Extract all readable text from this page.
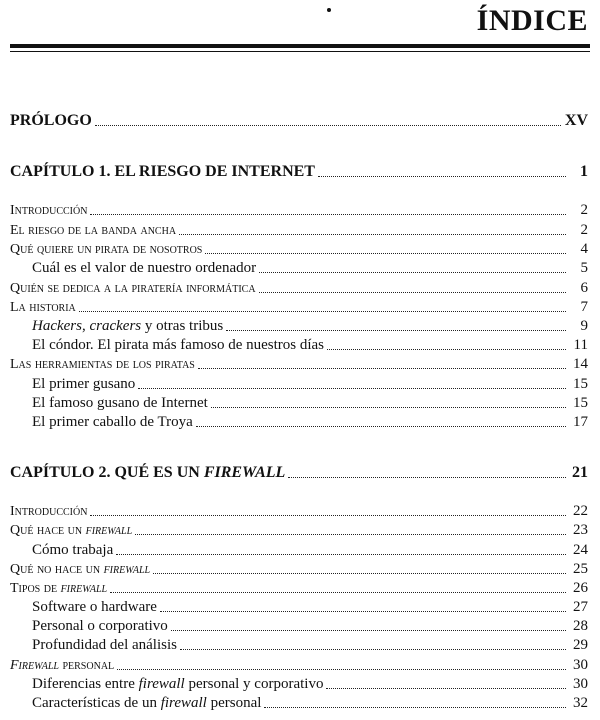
ÍNDICE
PRÓLOGO	XV
CAPÍTULO 1. EL RIESGO DE INTERNET	1
Introducción	2
El riesgo de la banda ancha	2
Qué quiere un pirata de nosotros	4
Cuál es el valor de nuestro ordenador	5
Quién se dedica a la piratería informática	6
La historia	7
Hackers, crackers y otras tribus	9
El cóndor. El pirata más famoso de nuestros días	11
Las herramientas de los piratas	14
El primer gusano	15
El famoso gusano de Internet	15
El primer caballo de Troya	17
CAPÍTULO 2. QUÉ ES UN FIREWALL	21
Introducción	22
Qué hace un firewall	23
Cómo trabaja	24
Qué no hace un firewall	25
Tipos de firewall	26
Software o hardware	27
Personal o corporativo	28
Profundidad del análisis	29
Firewall personal	30
Diferencias entre firewall personal y corporativo	30
Características de un firewall personal	32
